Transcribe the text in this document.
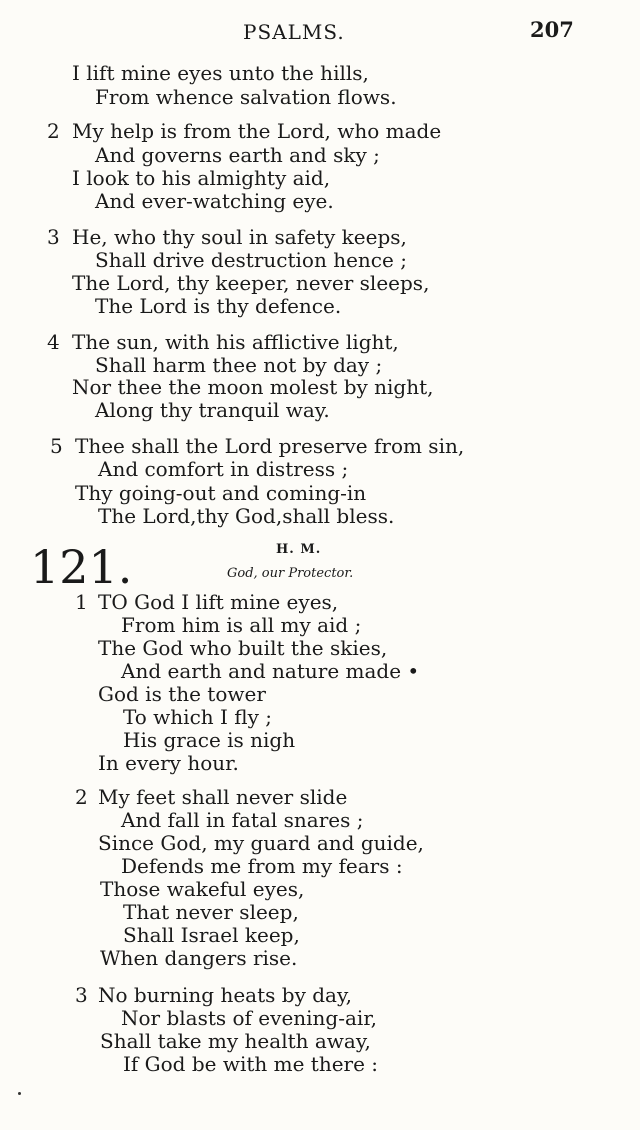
PSALMS.	207
I lift mine eyes unto the hills,
From whence salvation flows.
2 My help is from the Lord, who made
And governs earth and sky ;
I look to his almighty aid,
And ever-watching eye.
3 He, who thy soul in safety keeps,
Shall drive destruction hence ;
The Lord, thy keeper, never sleeps,
The Lord is thy defence.
4 The sun, with his afflictive light,
Shall harm thee not by day ;
Nor thee the moon molest by night,
Along thy tranquil way.
5 Thee shall the Lord preserve from sin,
And comfort in distress ;
Thy going-out and coming-in
The Lord,thy God,shall bless.
121.	H. M.
God, our Protector.
1 TO God I lift mine eyes,
From him is all my aid ;
The God who built the skies,
And earth and nature made •
God is the tower
To which I fly ;
His grace is nigh
In every hour.
2 My feet shall never slide
And fall in fatal snares ;
Since God, my guard and guide,
Defends me from my fears :
Those wakeful eyes,
That never sleep,
Shall Israel keep,
When dangers rise.
3 No burning heats by day,
Nor blasts of evening-air,
Shall take my health away,
If God be with me there :
